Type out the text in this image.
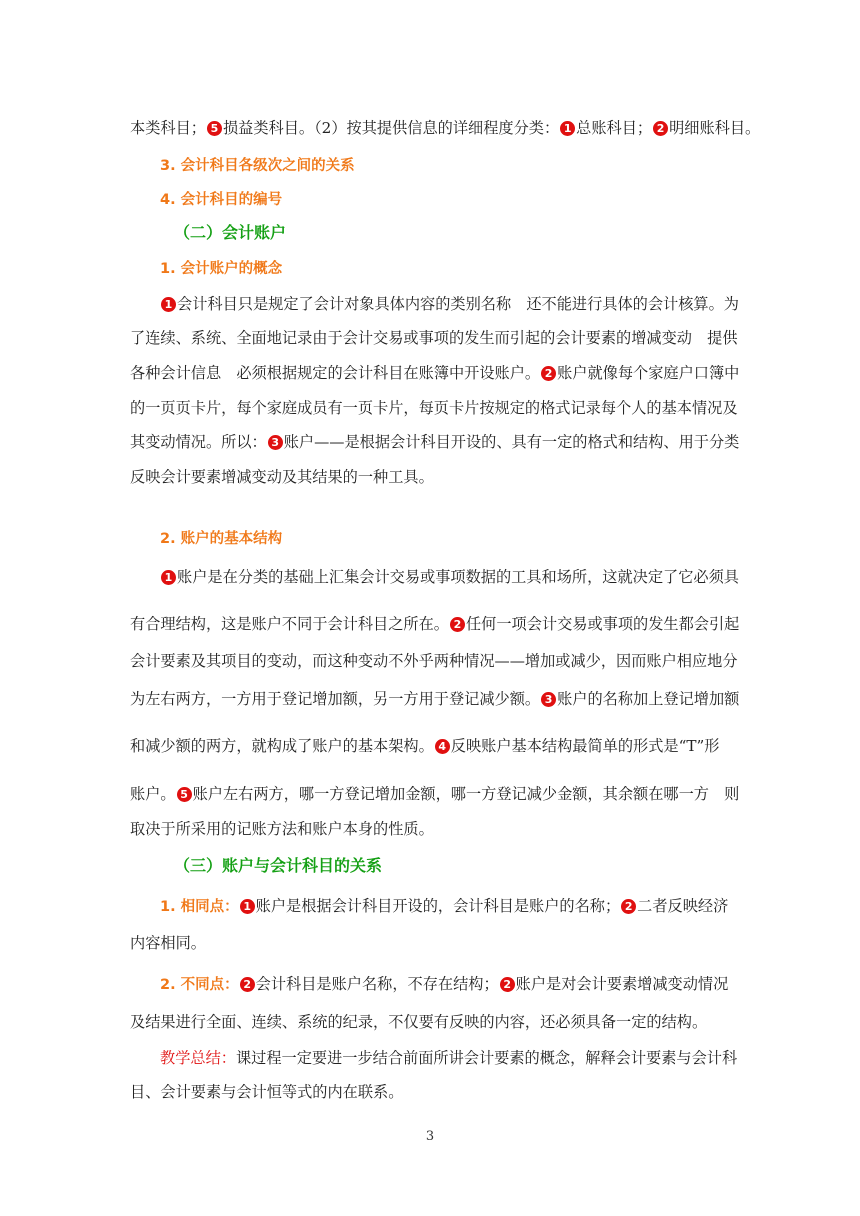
本类科目； 5 损益类科目。（2）按其提供信息的详细程度分类： 1 总账科目； 2 明细账科目。
3. 会计科目各级次之间的关系
4. 会计科目的编号
（二）会计账户
1. 会计账户的概念
1 会计科目只是规定了会计对象具体内容的类别名称　还不能进行具体的会计核算。为
了连续、系统、全面地记录由于会计交易或事项的发生而引起的会计要素的增减变动　提供
各种会计信息　必须根据规定的会计科目在账簿中开设账户。 2 账户就像每个家庭户口簿中
的一页页卡片，每个家庭成员有一页卡片，每页卡片按规定的格式记录每个人的基本情况及
其变动情况。所以： 3 账户——是根据会计科目开设的、具有一定的格式和结构、用于分类
反映会计要素增减变动及其结果的一种工具。
2. 账户的基本结构
1 账户是在分类的基础上汇集会计交易或事项数据的工具和场所，这就决定了它必须具
有合理结构，这是账户不同于会计科目之所在。 2 任何一项会计交易或事项的发生都会引起
会计要素及其项目的变动，而这种变动不外乎两种情况——增加或减少，因而账户相应地分
为左右两方，一方用于登记增加额，另一方用于登记减少额。 3 账户的名称加上登记增加额
和减少额的两方，就构成了账户的基本架构。 4 反映账户基本结构最简单的形式是“T”形
账户。 5 账户左右两方，哪一方登记增加金额，哪一方登记减少金额，其余额在哪一方　则
取决于所采用的记账方法和账户本身的性质。
（三）账户与会计科目的关系
1. 相同点： 1 账户是根据会计科目开设的，会计科目是账户的名称； 2 二者反映经济
内容相同。
2. 不同点： 2 会计科目是账户名称，不存在结构； 2 账户是对会计要素增减变动情况
及结果进行全面、连续、系统的纪录，不仅要有反映的内容，还必须具备一定的结构。
教学总结：课过程一定要进一步结合前面所讲会计要素的概念，解释会计要素与会计科
目、会计要素与会计恒等式的内在联系。
3
